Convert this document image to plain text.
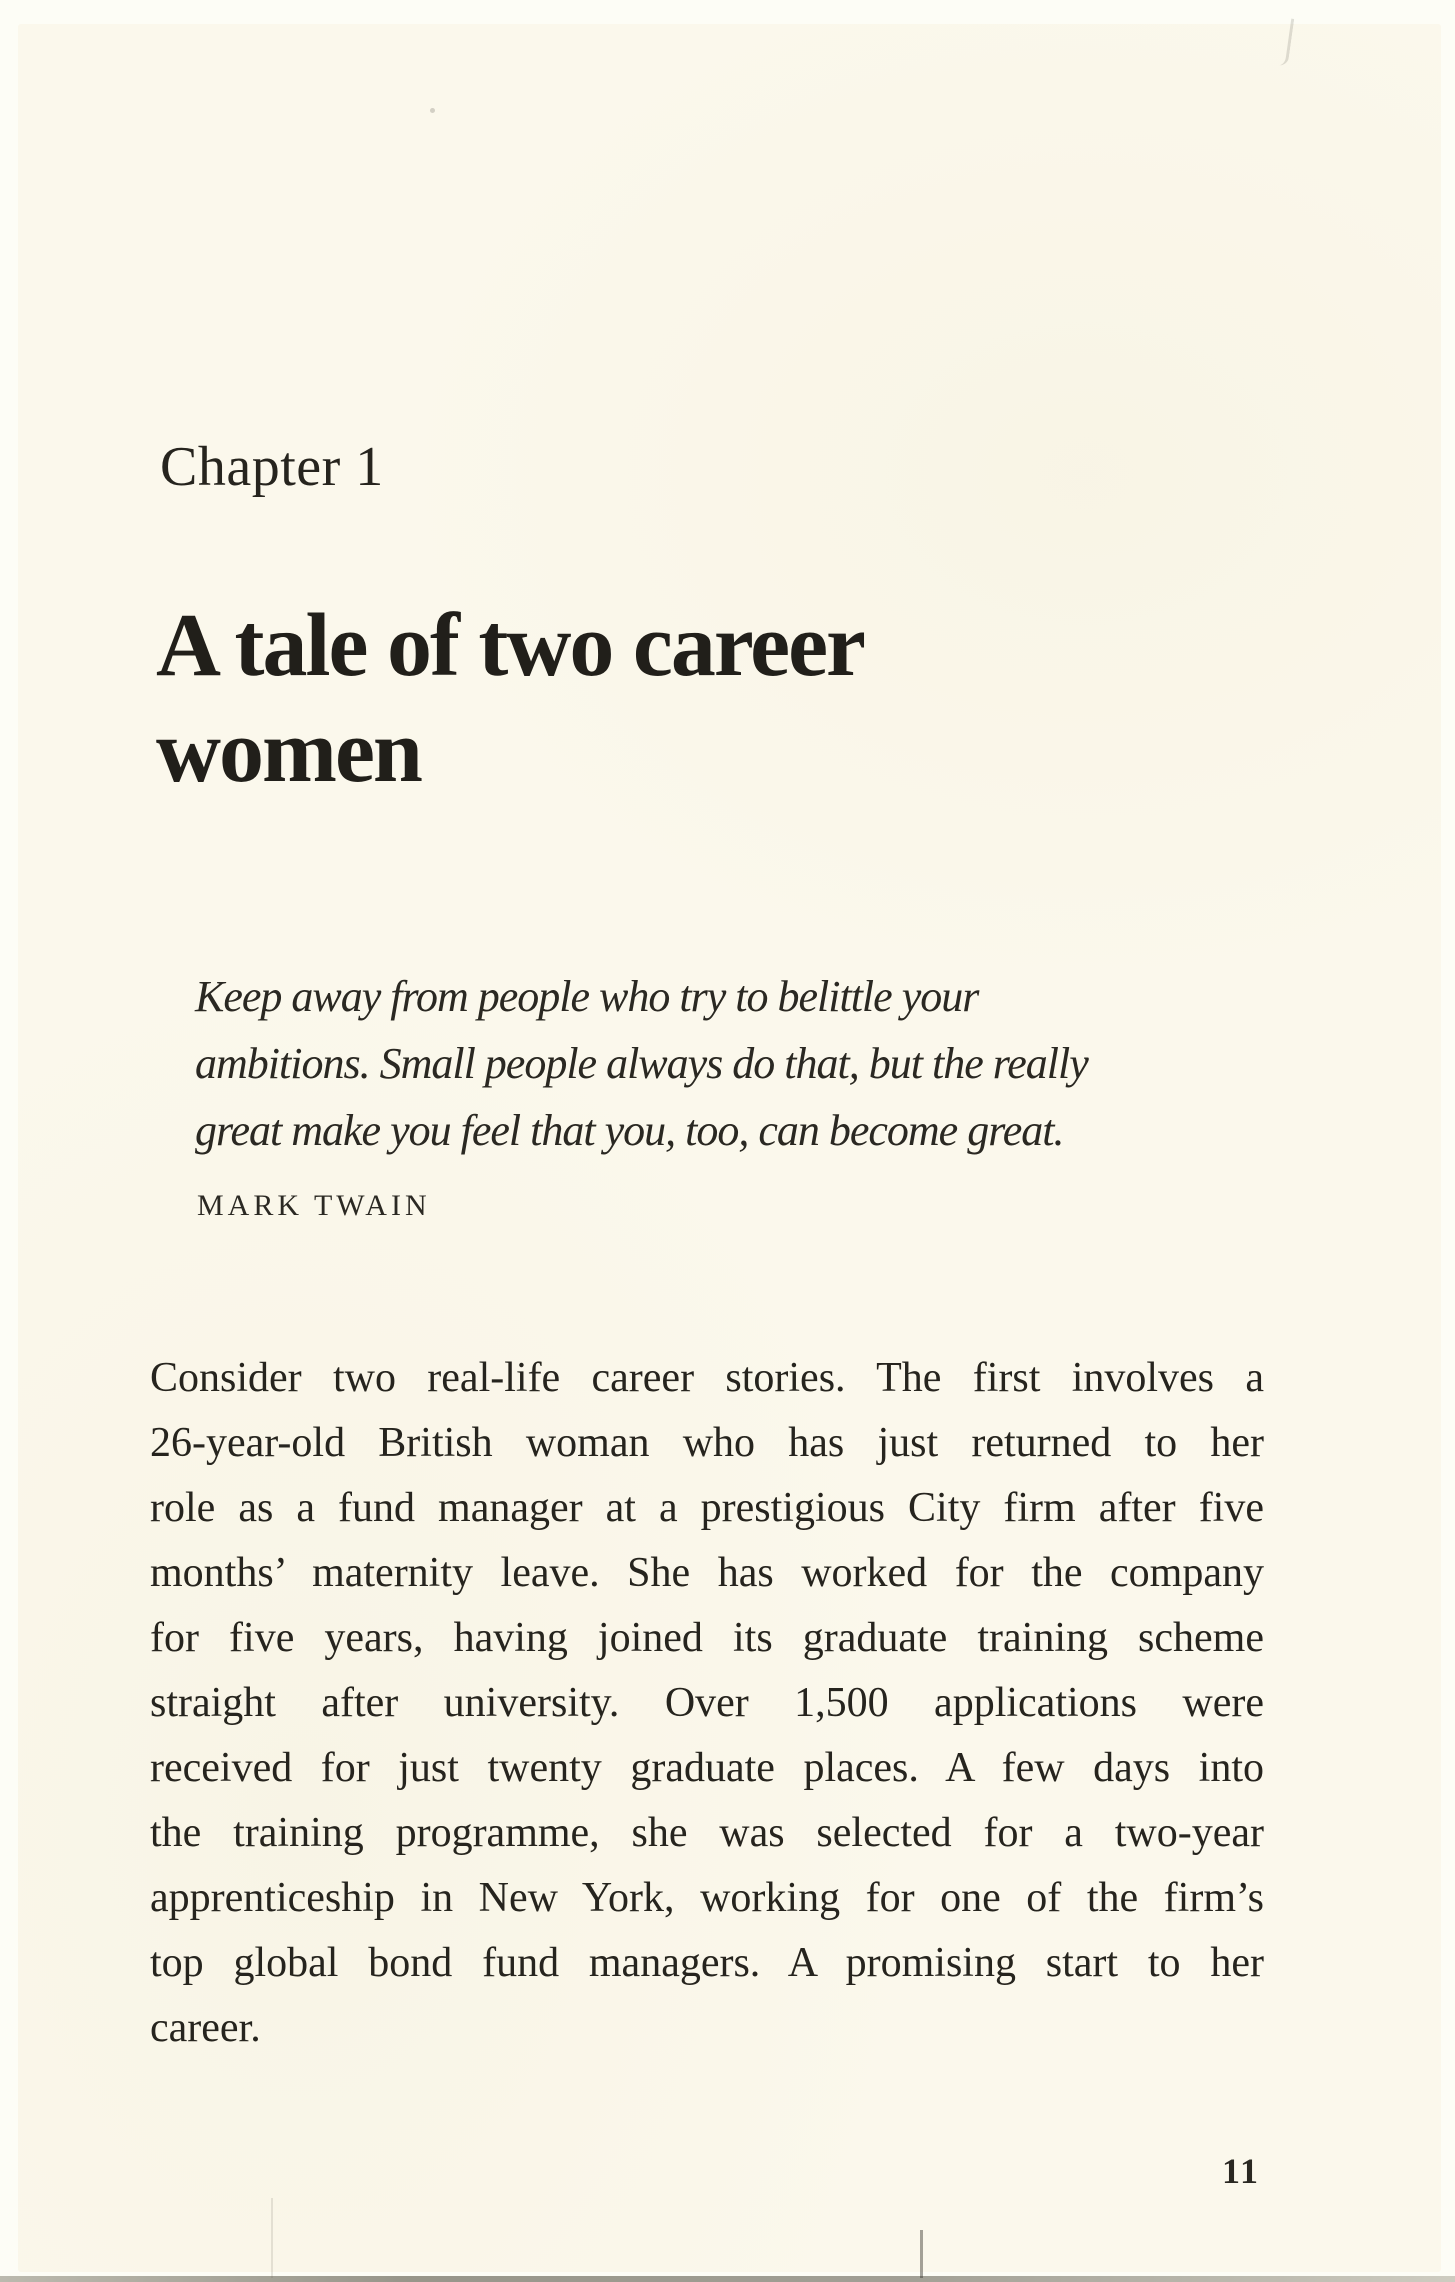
Chapter 1
A tale of two career
women
Keep away from people who try to belittle your
ambitions. Small people always do that, but the really
great make you feel that you, too, can become great.
MARK TWAIN
Consider two real-life career stories. The first involves a
26-year-old British woman who has just returned to her
role as a fund manager at a prestigious City firm after five
months’ maternity leave. She has worked for the company
for five years, having joined its graduate training scheme
straight after university. Over 1,500 applications were
received for just twenty graduate places. A few days into
the training programme, she was selected for a two-year
apprenticeship in New York, working for one of the firm’s
top global bond fund managers. A promising start to her
career.
11
